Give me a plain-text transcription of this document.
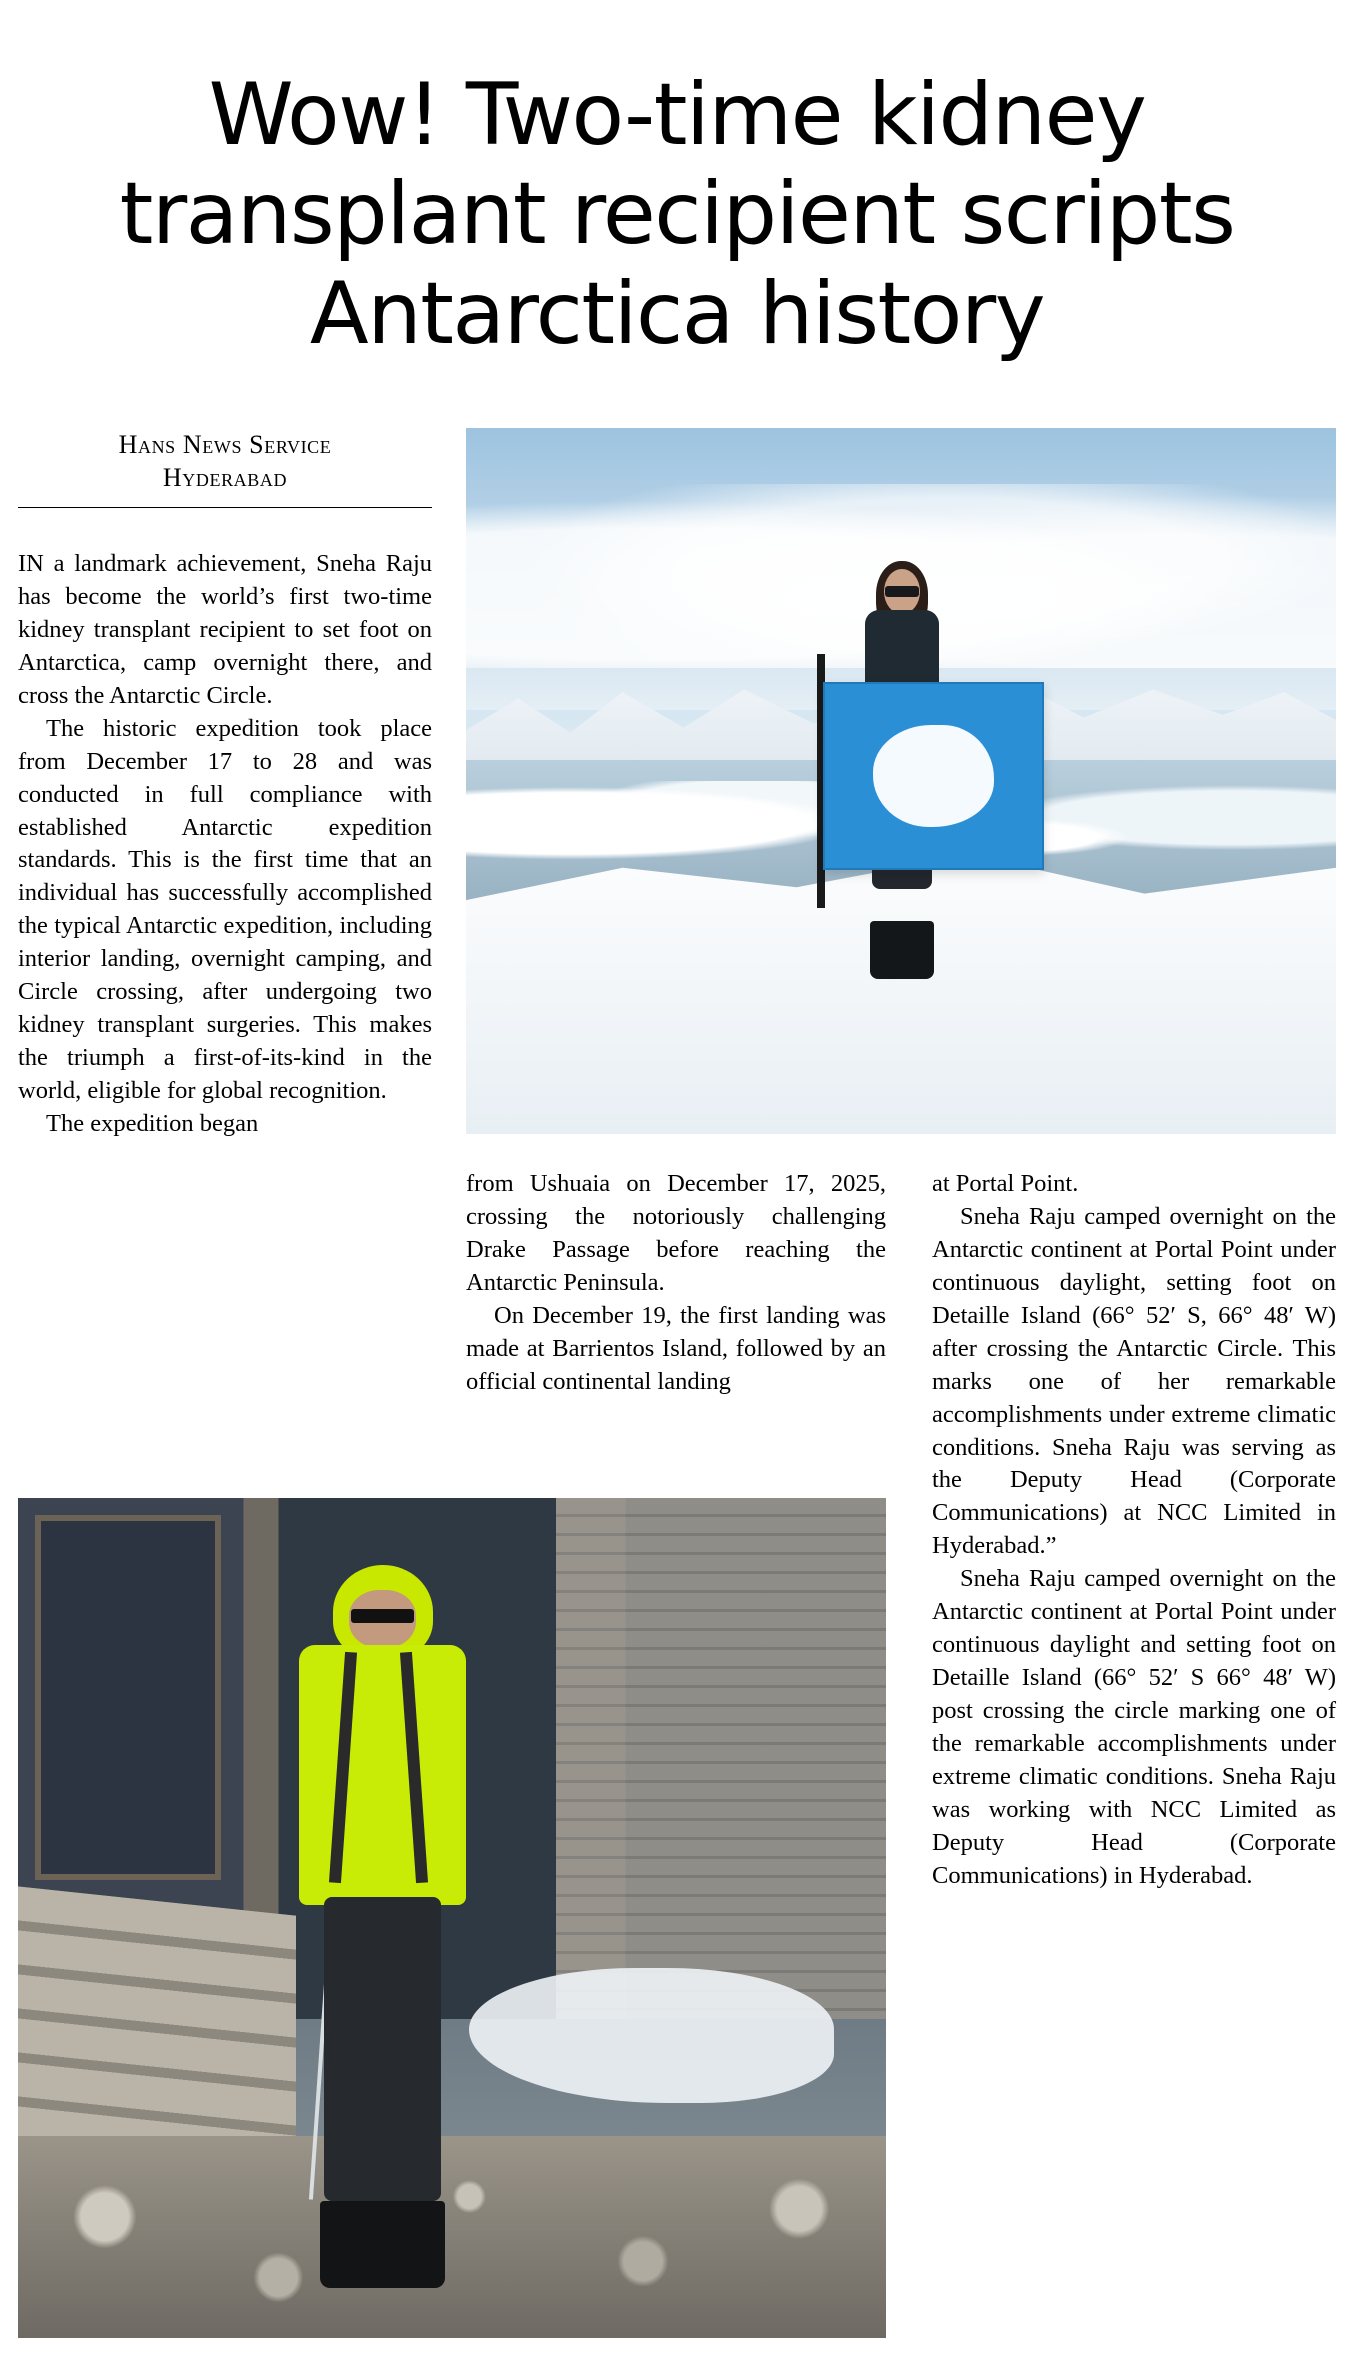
Wow! Two-time kidney transplant recipient scripts Antarctica history
Hans News Service
Hyderabad

IN a landmark achievement, Sneha Raju has become the world’s first two-time kidney transplant recipient to set foot on Antarctica, camp overnight there, and cross the Antarctic Circle.

The historic expedition took place from December 17 to 28 and was conducted in full compliance with established Antarctic expedition standards. This is the first time that an individual has successfully accomplished the typical Antarctic expedition, including interior landing, overnight camping, and Circle crossing, after undergoing two kidney transplant surgeries. This makes the triumph a first-of-its-kind in the world, eligible for global recognition.

The expedition began

from Ushuaia on December 17, 2025, crossing the notoriously challenging Drake Passage before reaching the Antarctic Peninsula.

On December 19, the first landing was made at Barrientos Island, followed by an official continental landing

at Portal Point.

Sneha Raju camped overnight on the Antarctic continent at Portal Point under continuous daylight, setting foot on Detaille Island (66° 52′ S, 66° 48′ W) after crossing the Antarctic Circle. This marks one of her remarkable accomplishments under extreme climatic conditions. Sneha Raju was serving as the Deputy Head (Corporate Communications) at NCC Limited in Hyderabad.”

Sneha Raju camped overnight on the Antarctic continent at Portal Point under continuous daylight and setting foot on Detaille Island (66° 52′ S 66° 48′ W) post crossing the circle marking one of the remarkable accomplishments under extreme climatic conditions. Sneha Raju was working with NCC Limited as Deputy Head (Corporate Communications) in Hyderabad.
